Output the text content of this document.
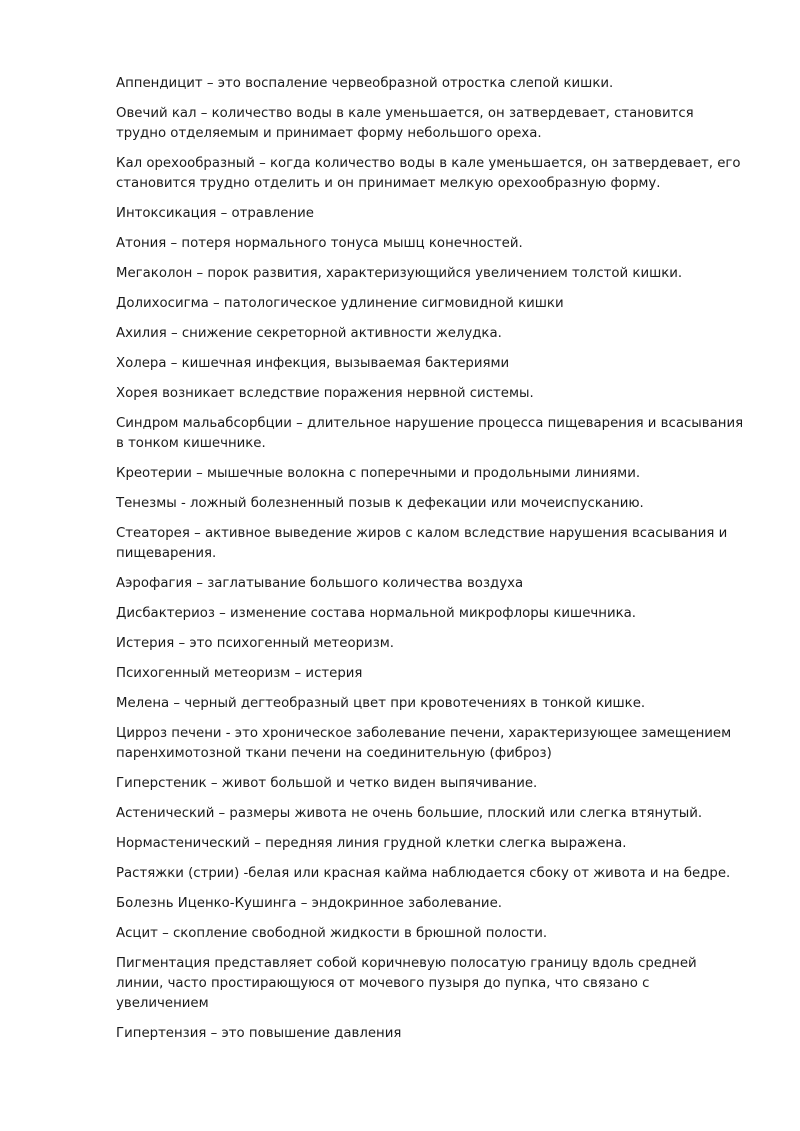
Аппендицит – это воспаление червеобразной отростка слепой кишки.

Овечий кал – количество воды в кале уменьшается, он затвердевает, становится трудно отделяемым и принимает форму небольшого ореха.

Кал орехообразный – когда количество воды в кале уменьшается, он затвердевает, его становится трудно отделить и он принимает мелкую орехообразную форму.

Интоксикация – отравление

Атония – потеря нормального тонуса мышц конечностей.

Мегаколон – порок развития, характеризующийся увеличением толстой кишки.

Долихосигма – патологическое удлинение сигмовидной кишки

Ахилия – снижение секреторной активности желудка.

Холера – кишечная инфекция, вызываемая бактериями

Хорея возникает вследствие поражения нервной системы.

Синдром мальабсорбции – длительное нарушение процесса пищеварения и всасывания в тонком кишечнике.

Креотерии – мышечные волокна с поперечными и продольными линиями.

Тенезмы - ложный болезненный позыв к дефекации или мочеиспусканию.

Стеаторея – активное выведение жиров с калом вследствие нарушения всасывания и пищеварения.

Аэрофагия – заглатывание большого количества воздуха

Дисбактериоз – изменение состава нормальной микрофлоры кишечника.

Истерия – это психогенный метеоризм.

Психогенный метеоризм – истерия

Мелена – черный дегтеобразный цвет при кровотечениях в тонкой кишке.

Цирроз печени - это хроническое заболевание печени, характеризующее замещением паренхимотозной ткани печени на соединительную (фиброз)

Гиперстеник – живот большой и четко виден выпячивание.

Астенический – размеры живота не очень большие, плоский или слегка втянутый.

Нормастенический – передняя линия грудной клетки слегка выражена.

Растяжки (стрии) -белая или красная кайма наблюдается сбоку от живота и на бедре.

Болезнь Иценко-Кушинга – эндокринное заболевание.

Асцит – скопление свободной жидкости в брюшной полости.

Пигментация представляет собой коричневую полосатую границу вдоль средней линии, часто простирающуюся от мочевого пузыря до пупка, что связано с увеличением

Гипертензия – это повышение давления
